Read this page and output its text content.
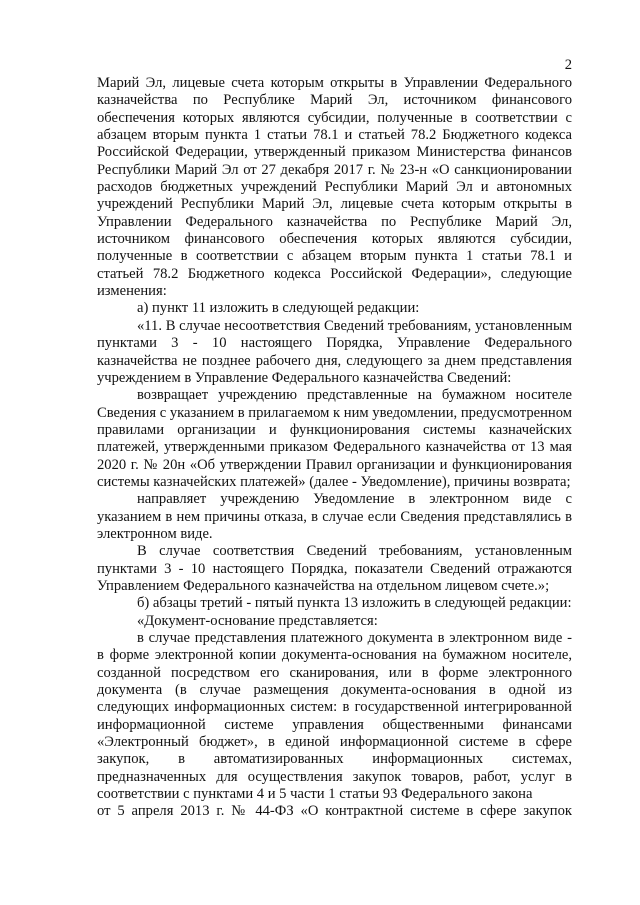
2

Марий Эл, лицевые счета которым открыты в Управлении Федерального казначейства по Республике Марий Эл, источником финансового обеспечения которых являются субсидии, полученные в соответствии с абзацем вторым пункта 1 статьи 78.1 и статьей 78.2 Бюджетного кодекса Российской Федерации, утвержденный приказом Министерства финансов Республики Марий Эл от 27 декабря 2017 г. № 23-н «О санкционировании расходов бюджетных учреждений Республики Марий Эл и автономных учреждений Республики Марий Эл, лицевые счета которым открыты в Управлении Федерального казначейства по Республике Марий Эл, источником финансового обеспечения которых являются субсидии, полученные в соответствии с абзацем вторым пункта 1 статьи 78.1 и статьей 78.2 Бюджетного кодекса Российской Федерации», следующие изменения:

а) пункт 11 изложить в следующей редакции:

«11. В случае несоответствия Сведений требованиям, установленным пунктами 3 - 10 настоящего Порядка, Управление Федерального казначейства не позднее рабочего дня, следующего за днем представления учреждением в Управление Федерального казначейства Сведений:

возвращает учреждению представленные на бумажном носителе Сведения с указанием в прилагаемом к ним уведомлении, предусмотренном правилами организации и функционирования системы казначейских платежей, утвержденными приказом Федерального казначейства от 13 мая 2020 г. № 20н «Об утверждении Правил организации и функционирования системы казначейских платежей» (далее - Уведомление), причины возврата;

направляет учреждению Уведомление в электронном виде с указанием в нем причины отказа, в случае если Сведения представлялись в электронном виде.

В случае соответствия Сведений требованиям, установленным пунктами 3 - 10 настоящего Порядка, показатели Сведений отражаются Управлением Федерального казначейства на отдельном лицевом счете.»;

б) абзацы третий - пятый пункта 13 изложить в следующей редакции:

«Документ-основание представляется:

в случае представления платежного документа в электронном виде - в форме электронной копии документа-основания на бумажном носителе, созданной посредством его сканирования, или в форме электронного документа (в случае размещения документа-основания в одной из следующих информационных систем: в государственной интегрированной информационной системе управления общественными финансами «Электронный бюджет», в единой информационной системе в сфере закупок, в автоматизированных информационных системах, предназначенных для осуществления закупок товаров, работ, услуг в соответствии с пунктами 4 и 5 части 1 статьи 93 Федерального закона

от 5 апреля 2013 г. № 44-ФЗ «О контрактной системе в сфере закупок
